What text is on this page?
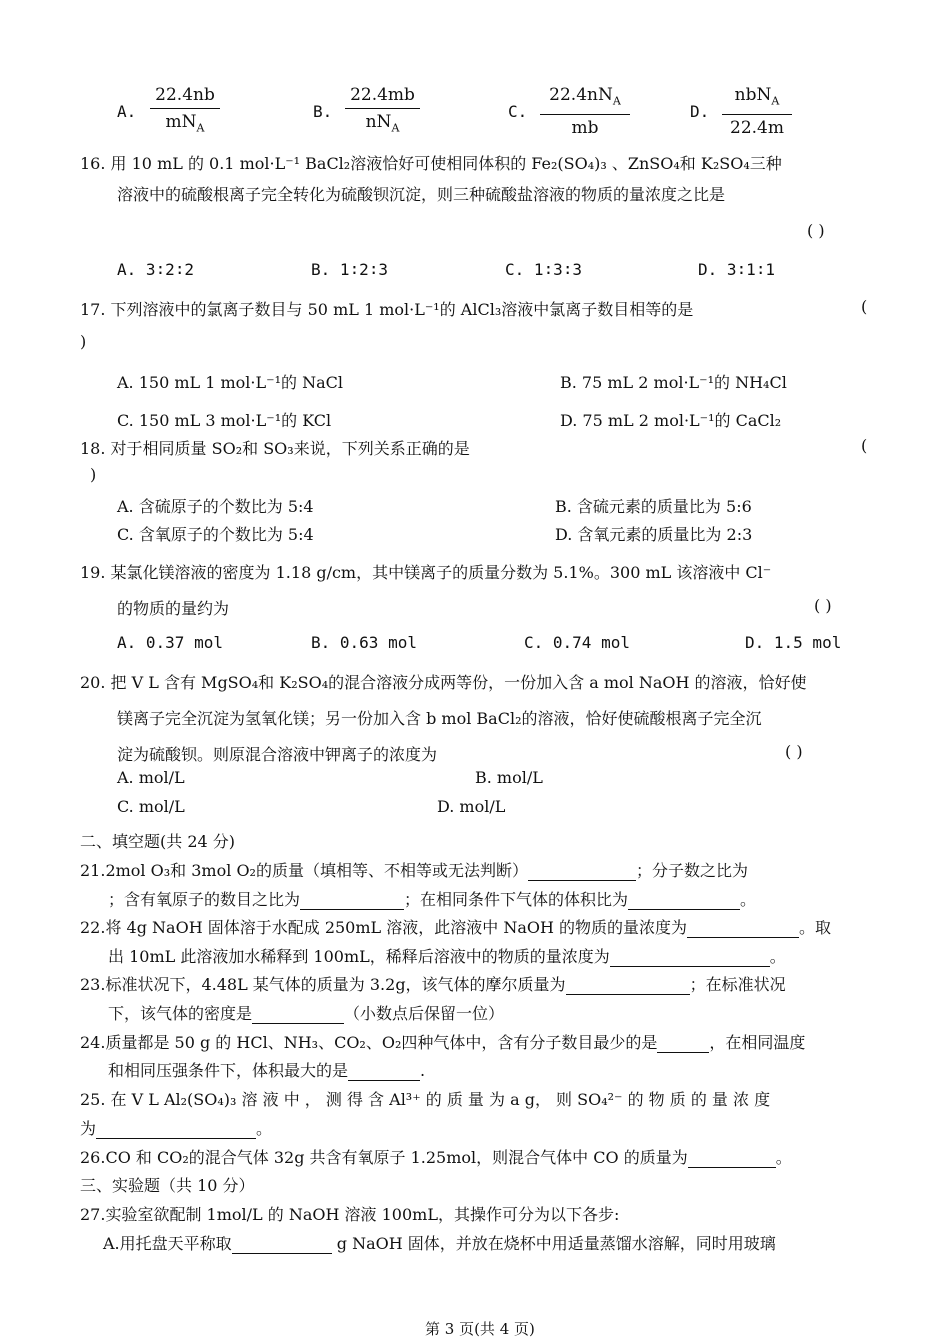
A.
22.4nb
$mN_A$
B.
22.4mb
$nN_A$
C.
$22.4nN_A$
mb
D.
nbN$_A$
22.4m
16. 用 10 mL 的 0.1 mol·L⁻¹ BaCl₂溶液恰好可使相同体积的 Fe₂(SO₄)₃ 、ZnSO₄和 K₂SO₄三种
溶液中的硫酸根离子完全转化为硫酸钡沉淀，则三种硫酸盐溶液的物质的量浓度之比是
( )
A. 3∶2∶2	B. 1∶2∶3	C. 1∶3∶3	D. 3∶1∶1
17. 下列溶液中的氯离子数目与 50 mL 1 mol·L⁻¹的 AlCl₃溶液中氯离子数目相等的是	(
)
A. 150 mL 1 mol·L⁻¹的 NaCl	B. 75 mL 2 mol·L⁻¹的 NH₄Cl
C. 150 mL 3 mol·L⁻¹的 KCl	D. 75 mL 2 mol·L⁻¹的 CaCl₂
18. 对于相同质量 SO₂和 SO₃来说，下列关系正确的是	(
)
A. 含硫原子的个数比为 5:4	B. 含硫元素的质量比为 5:6
C. 含氧原子的个数比为 5:4	D. 含氧元素的质量比为 2:3
19. 某氯化镁溶液的密度为 1.18 g/cm，其中镁离子的质量分数为 5.1%。300 mL 该溶液中 Cl⁻
的物质的量约为	( )
A. 0.37 mol	B. 0.63 mol	C. 0.74 mol	D. 1.5 mol
20. 把 V L 含有 MgSO₄和 K₂SO₄的混合溶液分成两等份，一份加入含 a mol NaOH 的溶液，恰好使
镁离子完全沉淀为氢氧化镁；另一份加入含 b mol BaCl₂的溶液，恰好使硫酸根离子完全沉
淀为硫酸钡。则原混合溶液中钾离子的浓度为	( )
A. mol/L	B. mol/L
C. mol/L	D. mol/L
二、填空题(共 24 分)
21.2mol O₃和 3mol O₂的质量（填相等、不相等或无法判断）	；分子数之比为
；含有氧原子的数目之比为	；在相同条件下气体的体积比为	。
22.将 4g NaOH 固体溶于水配成 250mL 溶液，此溶液中 NaOH 的物质的量浓度为	。取
出 10mL 此溶液加水稀释到 100mL，稀释后溶液中的物质的量浓度为	。
23.标准状况下，4.48L 某气体的质量为 3.2g，该气体的摩尔质量为	；在标准状况
下，该气体的密度是	（小数点后保留一位）
24.质量都是 50 g 的 HCl、NH₃、CO₂、O₂四种气体中，含有分子数目最少的是	，在相同温度
和相同压强条件下，体积最大的是	.
25. 在 V L Al₂(SO₄)₃ 溶 液 中 ， 测 得 含 Al³⁺ 的 质 量 为 a g， 则 SO₄²⁻ 的 物 质 的 量 浓 度
为	。
26.CO 和 CO₂的混合气体 32g 共含有氧原子 1.25mol，则混合气体中 CO 的质量为	。
三、实验题（共 10 分）
27.实验室欲配制 1mol/L 的 NaOH 溶液 100mL，其操作可分为以下各步:
A.用托盘天平称取	g NaOH 固体，并放在烧杯中用适量蒸馏水溶解，同时用玻璃
第 3 页(共 4 页)
